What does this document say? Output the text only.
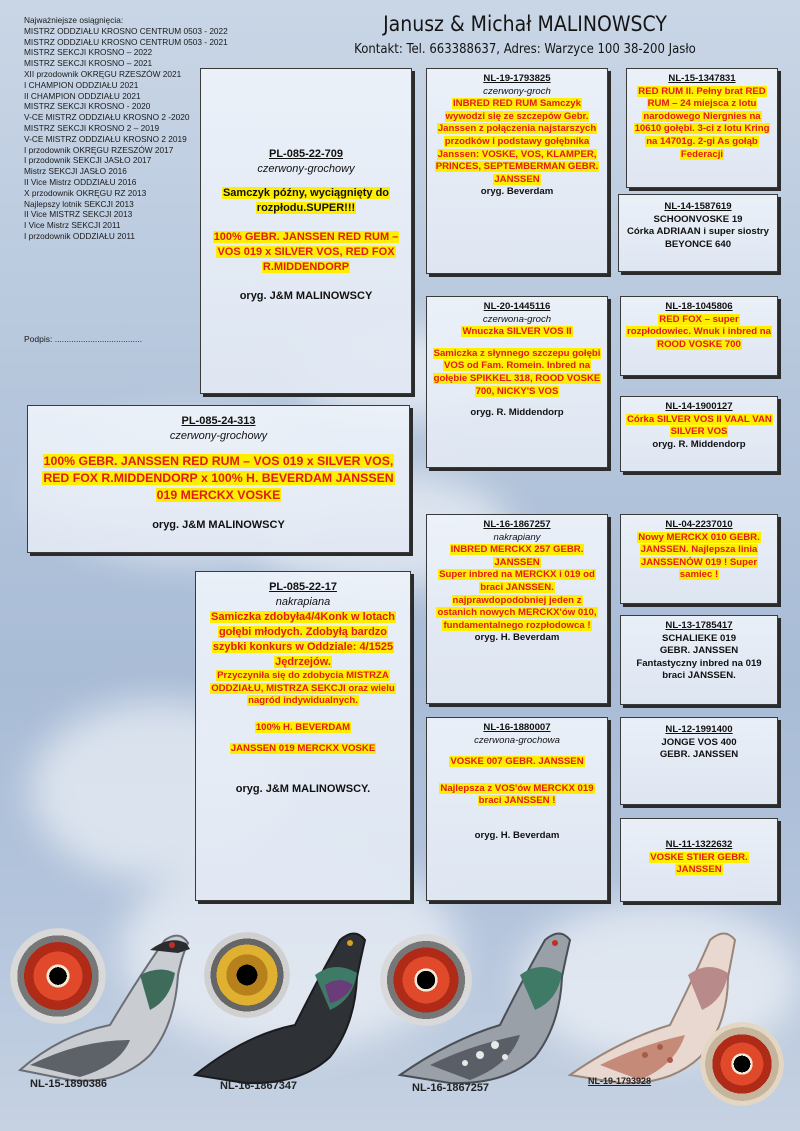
Najważniejsze osiągnięcia:
MISTRZ ODDZIAŁU KROSNO CENTRUM 0503 - 2022
MISTRZ ODDZIAŁU KROSNO CENTRUM 0503 - 2021
MISTRZ SEKCJI KROSNO – 2022
MISTRZ SEKCJI KROSNO – 2021
XII przodownik OKRĘGU RZESZÓW 2021
I CHAMPION ODDZIAŁU 2021
II CHAMPION ODDZIAŁU 2021
MISTRZ SEKCJI KROSNO - 2020
V-CE MISTRZ ODDZIAŁU KROSNO 2 -2020
MISTRZ SEKCJI KROSNO 2 – 2019
V-CE MISTRZ ODDZIAŁU KROSNO 2 2019
I przodownik OKRĘGU RZESZÓW 2017
I przodownik SEKCJI JASŁO 2017
Mistrz SEKCJI JASŁO 2016
II Vice Mistrz ODDZIAŁU 2016
X przodownik OKRĘGU RZ 2013
Najlepszy lotnik SEKCJI 2013
II Vice MISTRZ SEKCJI 2013
I Vice Mistrz SEKCJI 2011
I przodownik ODDZIAŁU 2011
Podpis: .....................................
Janusz & Michał MALINOWSCY
Kontakt: Tel. 663388637, Adres: Warzyce 100 38-200 Jasło
PL-085-22-709
czerwony-grochowy
Samczyk późny, wyciągnięty do rozpłodu.SUPER!!!
100% GEBR. JANSSEN RED RUM – VOS 019 x SILVER VOS, RED FOX R.MIDDENDORP
oryg. J&M MALINOWSCY
NL-19-1793825
czerwony-groch
INBRED RED RUM Samczyk wywodzi się ze szczepów Gebr. Janssen z połączenia najstarszych przodków i podstawy gołębnika Janssen: VOSKE, VOS, KLAMPER, PRINCES, SEPTEMBERMAN GEBR. JANSSEN
oryg. Beverdam
NL-15-1347831
RED RUM II. Pełny brat RED RUM – 24 miejsca z lotu narodowego Niergnies na 10610 gołębi. 3-ci z lotu Kring na 14701g. 2-gi As gołąb Federacji
NL-14-1587619
SCHOONVOSKE 19
Córka ADRIAAN i super siostry BEYONCE 640
NL-20-1445116
czerwona-groch
Wnuczka SILVER VOS II
Samiczka z słynnego szczepu gołębi VOS od Fam. Romein. Inbred na gołębie SPIKKEL 318, ROOD VOSKE 700, NICKY'S VOS
oryg. R. Middendorp
NL-18-1045806
RED FOX – super rozpłodowiec. Wnuk i inbred na ROOD VOSKE 700
NL-14-1900127
Córka SILVER VOS II VAAL VAN SILVER VOS
oryg. R. Middendorp
PL-085-24-313
czerwony-grochowy
100% GEBR. JANSSEN RED RUM – VOS 019 x SILVER VOS, RED FOX R.MIDDENDORP x 100% H. BEVERDAM JANSSEN 019 MERCKX VOSKE
oryg. J&M MALINOWSCY
PL-085-22-17
nakrapiana
Samiczka zdobyła4/4Konk w lotach gołębi młodych. Zdobyłą bardzo szybki konkurs w Oddziale: 4/1525 Jędrzejów.
Przyczyniła się do zdobycia MISTRZA ODDZIAŁU, MISTRZA SEKCJI oraz wielu nagród indywidualnych.
100% H. BEVERDAM
JANSSEN 019 MERCKX VOSKE
oryg. J&M MALINOWSCY.
NL-16-1867257
nakrapiany
INBRED MERCKX 257 GEBR. JANSSEN
Super inbred na MERCKX i 019 od braci JANSSEN.
najprawdopodobniej jeden z ostanich nowych MERCKX'ów 010, fundamentalnego rozpłodowca !
oryg. H. Beverdam
NL-04-2237010
Nowy MERCKX 010 GEBR. JANSSEN. Najlepsza linia JANSSENÓW 019 ! Super samiec !
NL-13-1785417
SCHALIEKE 019
GEBR. JANSSEN
Fantastyczny inbred na 019 braci JANSSEN.
NL-16-1880007
czerwona-grochowa
VOSKE 007 GEBR. JANSSEN
Najlepsza z VOS'ów MERCKX 019 braci JANSSEN !
oryg. H. Beverdam
NL-12-1991400
JONGE VOS 400
GEBR. JANSSEN
NL-11-1322632
VOSKE STIER GEBR. JANSSEN
NL-15-1890386	NL-16-1867347	NL-16-1867257
NL-19-1793928
